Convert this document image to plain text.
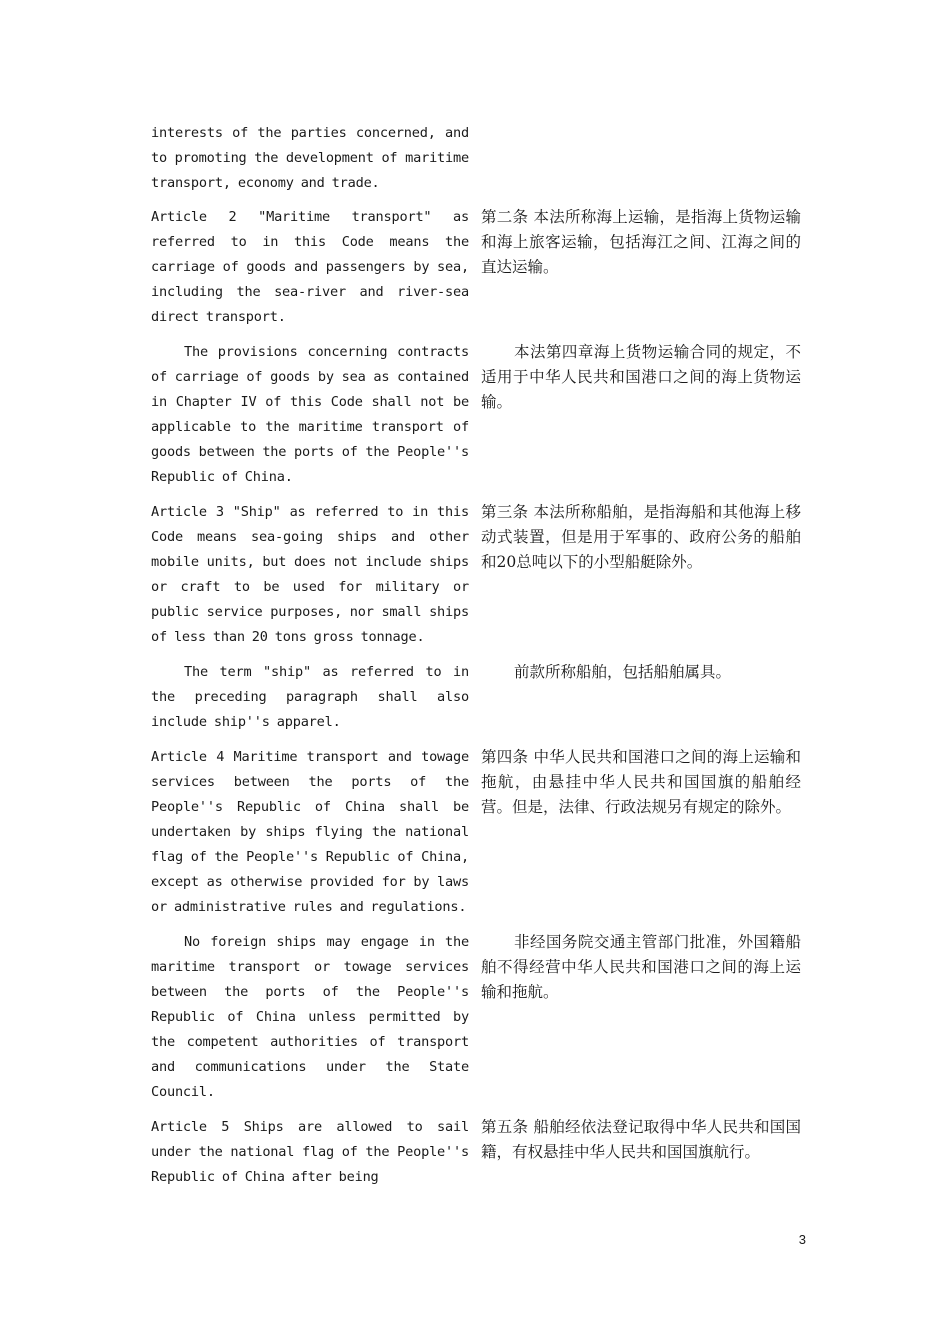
interests of the parties concerned, and to promoting the development of maritime transport, economy and trade.
Article 2 "Maritime transport" as referred to in this Code means the carriage of goods and passengers by sea, including the sea-river and river-sea direct transport.
第二条 本法所称海上运输，是指海上货物运输和海上旅客运输，包括海江之间、江海之间的直达运输。
The provisions concerning contracts of carriage of goods by sea as contained in Chapter IV of this Code shall not be applicable to the maritime transport of goods between the ports of the People''s Republic of China.
本法第四章海上货物运输合同的规定，不适用于中华人民共和国港口之间的海上货物运输。
Article 3 "Ship" as referred to in this Code means sea-going ships and other mobile units, but does not include ships or craft to be used for military or public service purposes, nor small ships of less than 20 tons gross tonnage.
第三条 本法所称船舶，是指海船和其他海上移动式装置，但是用于军事的、政府公务的船舶和20总吨以下的小型船艇除外。
The term "ship" as referred to in the preceding paragraph shall also include ship''s apparel.
前款所称船舶，包括船舶属具。
Article 4 Maritime transport and towage services between the ports of the People''s Republic of China shall be undertaken by ships flying the national flag of the People''s Republic of China, except as otherwise provided for by laws or administrative rules and regulations.
第四条 中华人民共和国港口之间的海上运输和拖航，由悬挂中华人民共和国国旗的船舶经营。但是，法律、行政法规另有规定的除外。
No foreign ships may engage in the maritime transport or towage services between the ports of the People''s Republic of China unless permitted by the competent authorities of transport and communications under the State Council.
非经国务院交通主管部门批准，外国籍船舶不得经营中华人民共和国港口之间的海上运输和拖航。
Article 5 Ships are allowed to sail under the national flag of the People''s Republic of China after being
第五条 船舶经依法登记取得中华人民共和国国籍，有权悬挂中华人民共和国国旗航行。
3
